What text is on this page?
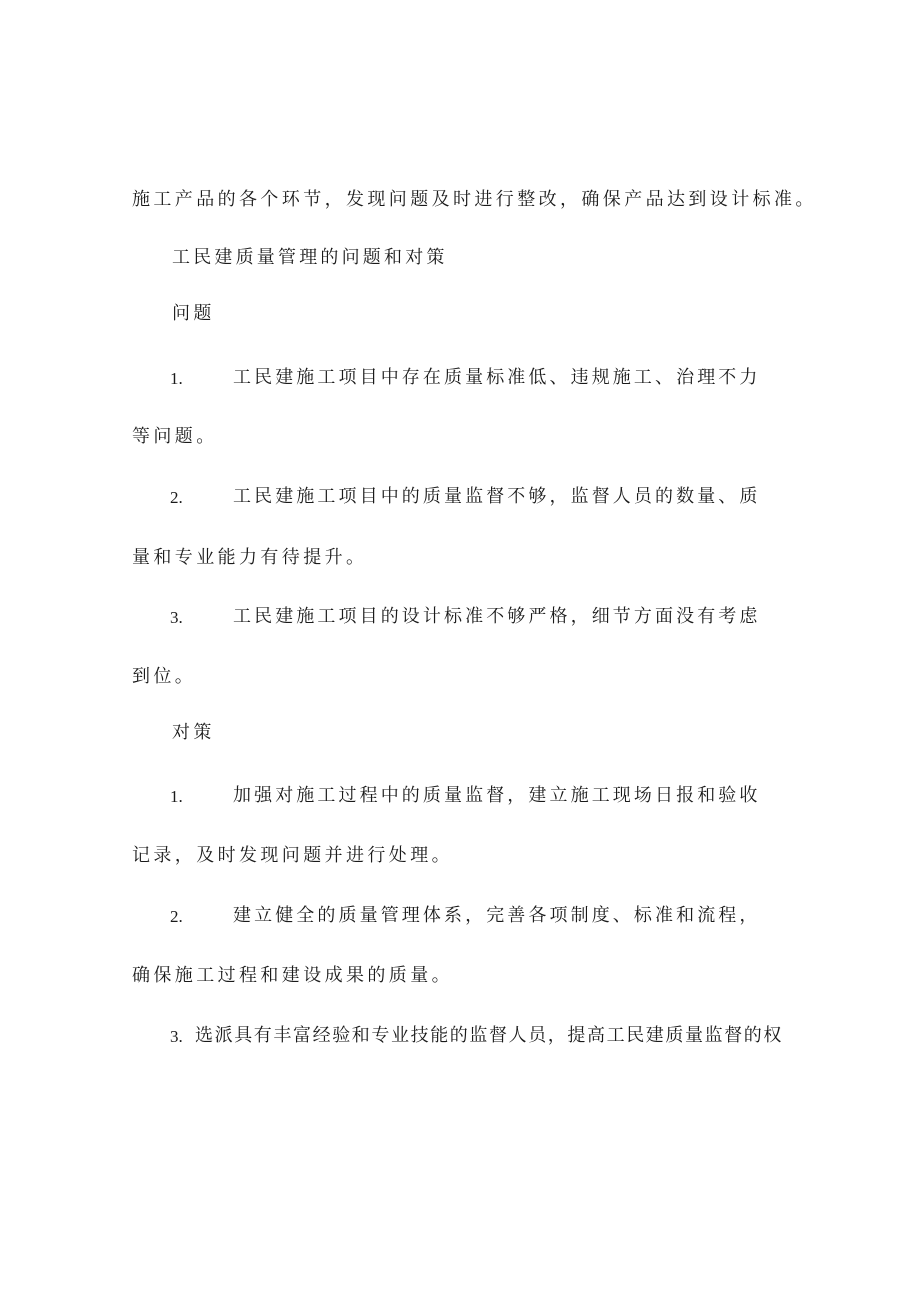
施工产品的各个环节，发现问题及时进行整改，确保产品达到设计标准。
工民建质量管理的问题和对策
问题
1.	工民建施工项目中存在质量标准低、违规施工、治理不力
等问题。
2.	工民建施工项目中的质量监督不够，监督人员的数量、质
量和专业能力有待提升。
3.	工民建施工项目的设计标准不够严格，细节方面没有考虑
到位。
对策
1.	加强对施工过程中的质量监督，建立施工现场日报和验收
记录，及时发现问题并进行处理。
2.	建立健全的质量管理体系，完善各项制度、标准和流程，
确保施工过程和建设成果的质量。
3. 选派具有丰富经验和专业技能的监督人员，提高工民建质量监督的权
